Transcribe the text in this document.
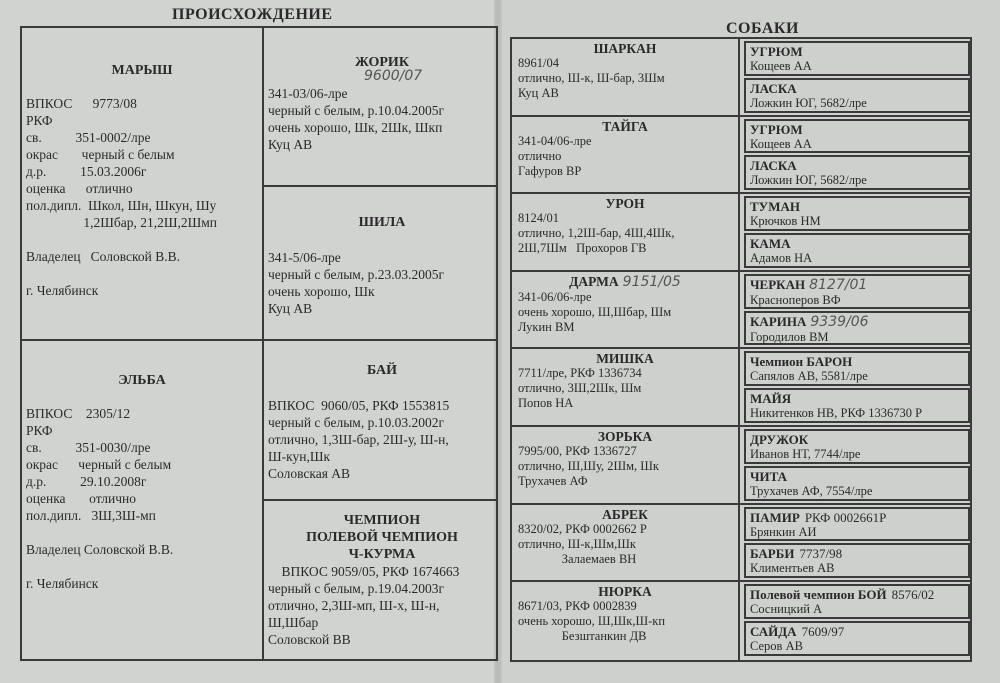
ПРОИСХОЖДЕНИЕ
МАРЫШ
ВПКОС      9773/08
РКФ
св.          351-0002/лре
окрас       черный с белым
д.р.          15.03.2006г
оценка      отлично
пол.дипл.  Школ, Шн, Шкун, Шу
1,2Шбар, 21,2Ш,2Шмп

Владелец   Соловской В.В.

г. Челябинск
ЭЛЬБА
ВПКОС    2305/12
РКФ
св.          351-0030/лре
окрас      черный с белым
д.р.          29.10.2008г
оценка       отлично
пол.дипл.   3Ш,3Ш-мп

Владелец Соловской В.В.

г. Челябинск
ЖОРИК
9600/07
341-03/06-лре
черный с белым, р.10.04.2005г
очень хорошо, Шк, 2Шк, Шкп
Куц АВ
ШИЛА
341-5/06-лре
черный с белым, р.23.03.2005г
очень хорошо, Шк
Куц АВ
БАЙ
ВПКОС  9060/05, РКФ 1553815
черный с белым, р.10.03.2002г
отлично, 1,3Ш-бар, 2Ш-у, Ш-н,
Ш-кун,Шк
Соловская АВ
ЧЕМПИОН
ПОЛЕВОЙ ЧЕМПИОН
Ч-КУРМА
ВПКОС 9059/05, РКФ 1674663
черный с белым, р.19.04.2003г
отлично, 2,3Ш-мп, Ш-х, Ш-н,
Ш,Шбар
Соловской ВВ
СОБАКИ
ШАРКАН
8961/04
отлично, Ш-к, Ш-бар, 3Шм
Куц АВ
УГРЮМ
Кощеев АА
ЛАСКА
Ложкин ЮГ, 5682/лре
ТАЙГА
341-04/06-лре
отлично
Гафуров ВР
УГРЮМ
Кощеев АА
ЛАСКА
Ложкин ЮГ, 5682/лре
УРОН
8124/01
отлично, 1,2Ш-бар, 4Ш,4Шк,
2Ш,7Шм   Прохоров ГВ
ТУМАН
Крючков НМ
КАМА
Адамов НА
ДАРМА 9151/05
341-06/06-лре
очень хорошо, Ш,Шбар, Шм
Лукин ВМ
ЧЕРКАН 8127/01
Красноперов ВФ
КАРИНА 9339/06
Городилов ВМ
МИШКА
7711/лре, РКФ 1336734
отлично, 3Ш,2Шк, Шм
Попов НА
Чемпион БАРОН
Сапялов АВ, 5581/лре
МАЙЯ
Никитенков НВ, РКФ 1336730 Р
ЗОРЬКА
7995/00, РКФ 1336727
отлично, Ш,Шу, 2Шм, Шк
Трухачев АФ
ДРУЖОК
Иванов НТ, 7744/лре
ЧИТА
Трухачев АФ, 7554/лре
АБРЕК
8320/02, РКФ 0002662 Р
отлично, Ш-к,Шм,Шк
Залаемаев ВН
ПАМИР РКФ 0002661Р
Брянкин АИ
БАРБИ 7737/98
Климентьев АВ
НЮРКА
8671/03, РКФ 0002839
очень хорошо, Ш,Шк,Ш-кп
Безштанкин ДВ
Полевой чемпион БОЙ 8576/02
Сосницкий А
САЙДА 7609/97
Серов АВ
